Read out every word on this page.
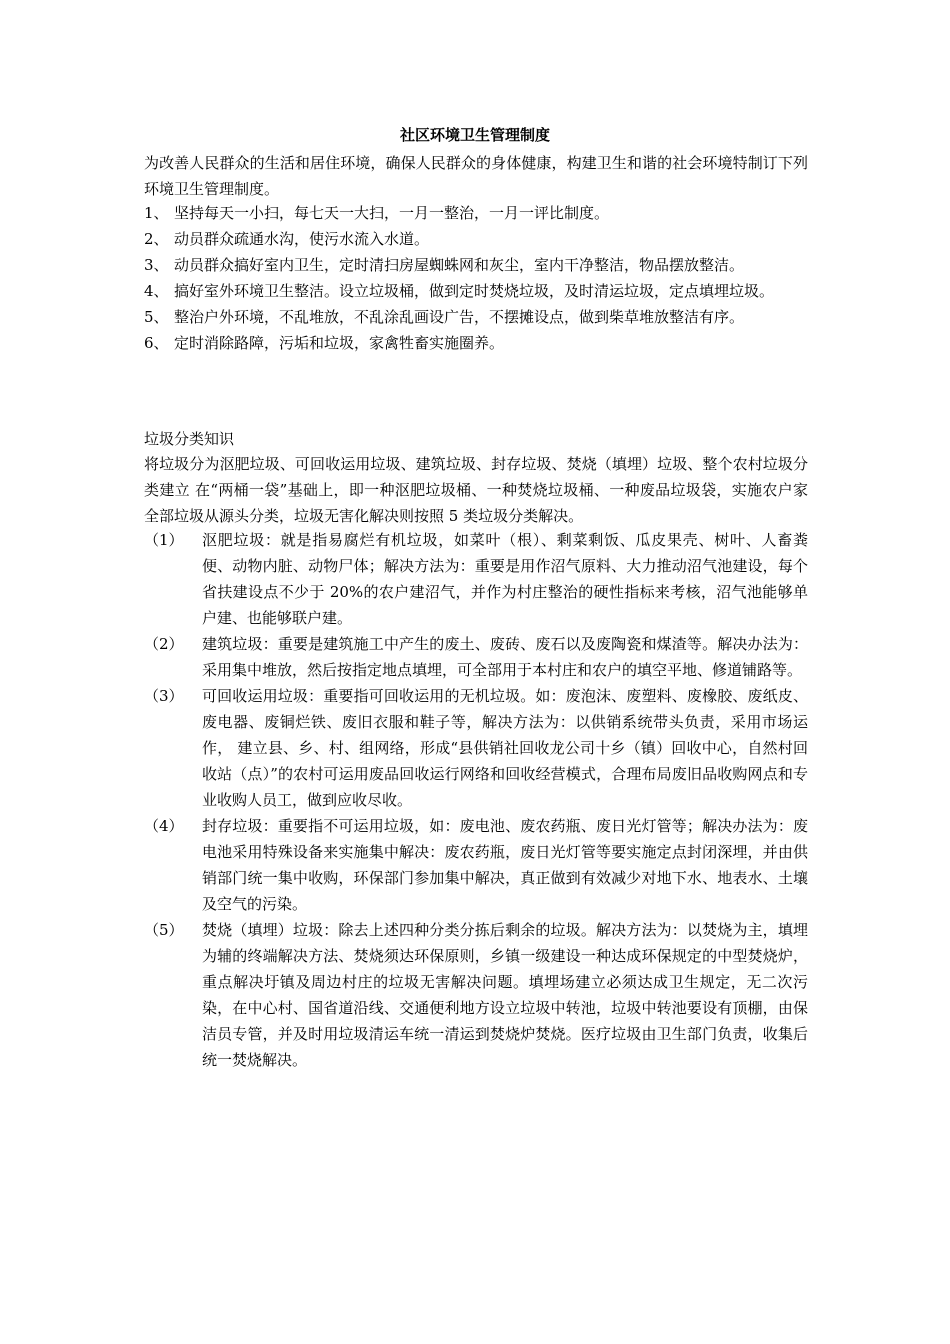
社区环境卫生管理制度

为改善人民群众的生活和居住环境，确保人民群众的身体健康，构建卫生和谐的社会环境特制订下列环境卫生管理制度。

1、 坚持每天一小扫，每七天一大扫，一月一整治，一月一评比制度。
2、 动员群众疏通水沟，使污水流入水道。
3、 动员群众搞好室内卫生，定时清扫房屋蜘蛛网和灰尘，室内干净整洁，物品摆放整洁。
4、 搞好室外环境卫生整洁。设立垃圾桶，做到定时焚烧垃圾，及时清运垃圾，定点填埋垃圾。
5、 整治户外环境，不乱堆放，不乱涂乱画设广告，不摆摊设点，做到柴草堆放整洁有序。
6、 定时消除路障，污垢和垃圾，家禽牲畜实施圈养。

垃圾分类知识

将垃圾分为沤肥垃圾、可回收运用垃圾、建筑垃圾、封存垃圾、焚烧（填埋）垃圾、整个农村垃圾分类建立 在“两桶一袋”基础上，即一种沤肥垃圾桶、一种焚烧垃圾桶、一种废品垃圾袋，实施农户家全部垃圾从源头分类，垃圾无害化解决则按照 5 类垃圾分类解决。

（1）	沤肥垃圾：就是指易腐烂有机垃圾，如菜叶（根）、剩菜剩饭、瓜皮果壳、树叶、人畜粪便、动物内脏、动物尸体；解决方法为：重要是用作沼气原料、大力推动沼气池建设，每个省扶建设点不少于 20%的农户建沼气，并作为村庄整治的硬性指标来考核，沼气池能够单户建、也能够联户建。
（2）	建筑垃圾：重要是建筑施工中产生的废土、废砖、废石以及废陶瓷和煤渣等。解决办法为：采用集中堆放，然后按指定地点填埋，可全部用于本村庄和农户的填空平地、修道铺路等。
（3）	可回收运用垃圾：重要指可回收运用的无机垃圾。如：废泡沫、废塑料、废橡胶、废纸皮、废电器、废铜烂铁、废旧衣服和鞋子等，解决方法为：以供销系统带头负责，采用市场运作， 建立县、乡、村、组网络，形成“县供销社回收龙公司十乡（镇）回收中心，自然村回收站（点）”的农村可运用废品回收运行网络和回收经营模式，合理布局废旧品收购网点和专业收购人员工，做到应收尽收。
（4）	封存垃圾：重要指不可运用垃圾，如：废电池、废农药瓶、废日光灯管等；解决办法为：废电池采用特殊设备来实施集中解决：废农药瓶，废日光灯管等要实施定点封闭深埋，并由供销部门统一集中收购，环保部门参加集中解决，真正做到有效减少对地下水、地表水、土壤及空气的污染。
（5）	焚烧（填埋）垃圾：除去上述四种分类分拣后剩余的垃圾。解决方法为：以焚烧为主，填埋为辅的终端解决方法、焚烧须达环保原则，乡镇一级建设一种达成环保规定的中型焚烧炉，重点解决圩镇及周边村庄的垃圾无害解决问题。填埋场建立必须达成卫生规定，无二次污染，在中心村、国省道沿线、交通便利地方设立垃圾中转池，垃圾中转池要设有顶棚，由保洁员专管，并及时用垃圾清运车统一清运到焚烧炉焚烧。医疗垃圾由卫生部门负责，收集后统一焚烧解决。
